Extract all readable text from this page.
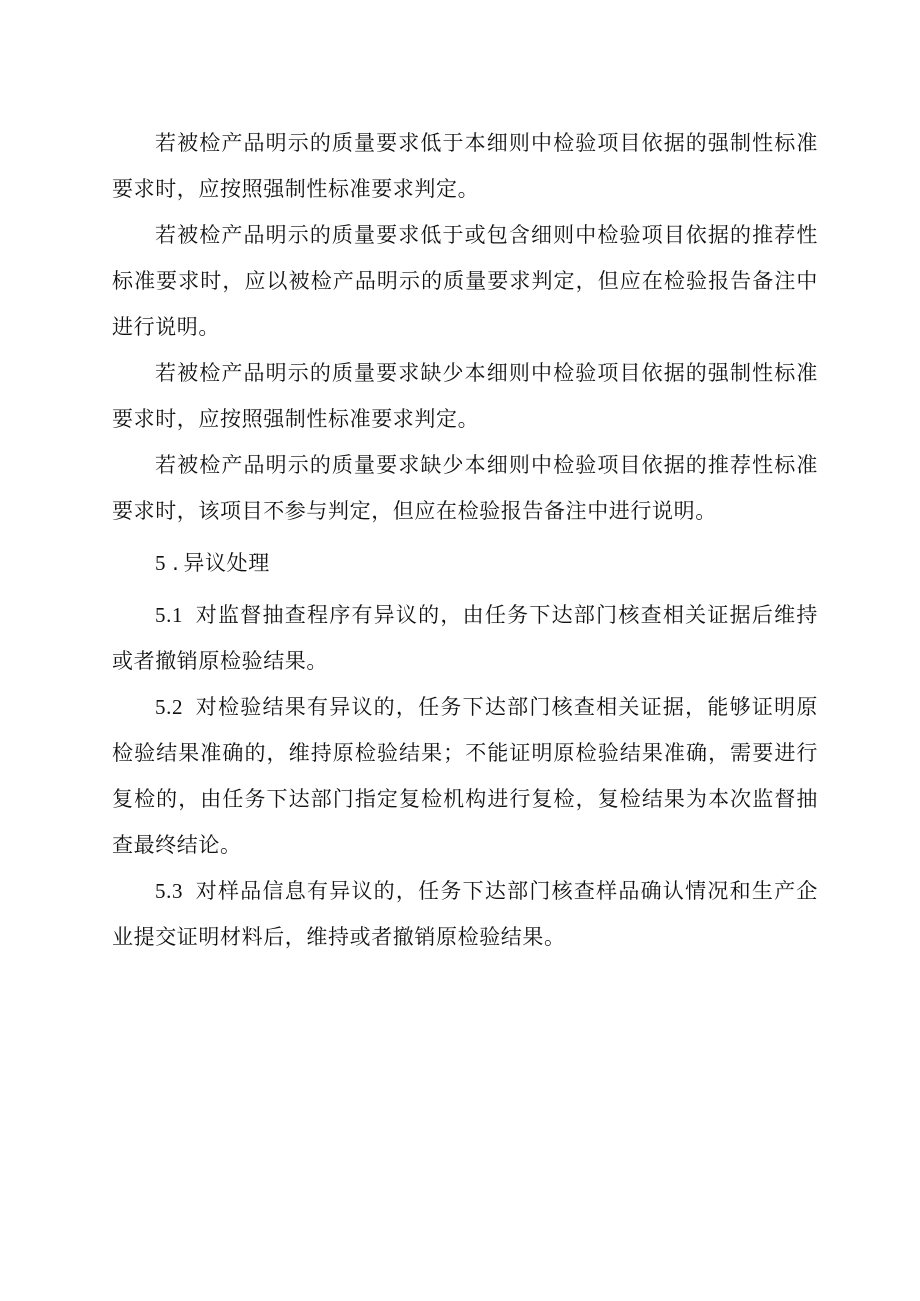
若被检产品明示的质量要求低于本细则中检验项目依据的强制性标准要求时，应按照强制性标准要求判定。

若被检产品明示的质量要求低于或包含细则中检验项目依据的推荐性标准要求时，应以被检产品明示的质量要求判定，但应在检验报告备注中进行说明。

若被检产品明示的质量要求缺少本细则中检验项目依据的强制性标准要求时，应按照强制性标准要求判定。

若被检产品明示的质量要求缺少本细则中检验项目依据的推荐性标准要求时，该项目不参与判定，但应在检验报告备注中进行说明。

5 . 异议处理

5.1 对监督抽查程序有异议的，由任务下达部门核查相关证据后维持或者撤销原检验结果。

5.2 对检验结果有异议的，任务下达部门核查相关证据，能够证明原检验结果准确的，维持原检验结果；不能证明原检验结果准确，需要进行复检的，由任务下达部门指定复检机构进行复检，复检结果为本次监督抽查最终结论。

5.3 对样品信息有异议的，任务下达部门核查样品确认情况和生产企业提交证明材料后，维持或者撤销原检验结果。
